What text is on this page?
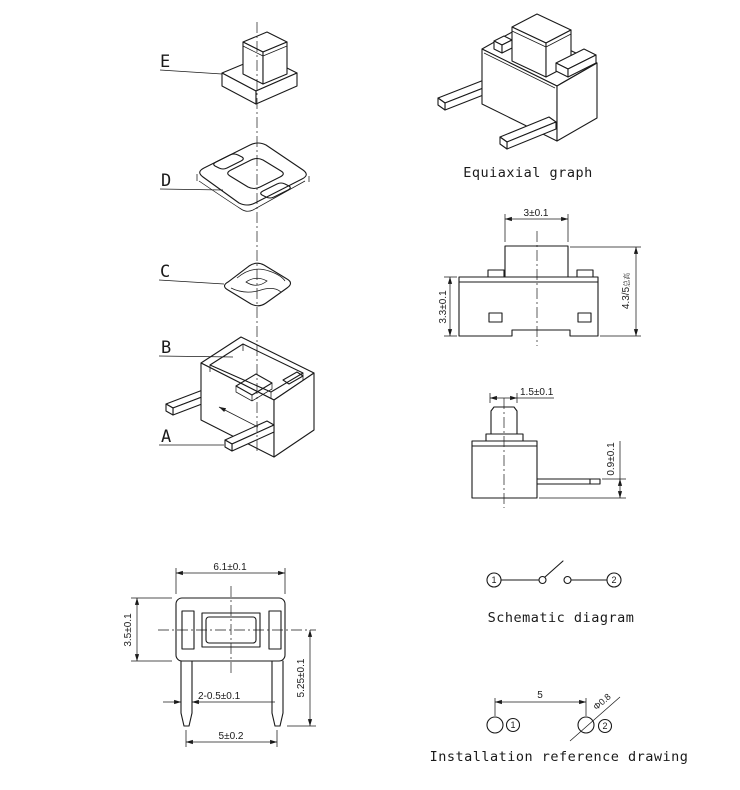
E
D
C
B
A
Equiaxial graph
3±0.1
3.3±0.1	4.3/5总高
1.5±0.1
0.9±0.1
6.1±0.1
3.5±0.1
5.25±0.1
2-0.5±0.1
5±0.2
1	2
Schematic diagram
5
1	2
Φ0.8
Installation reference drawing
